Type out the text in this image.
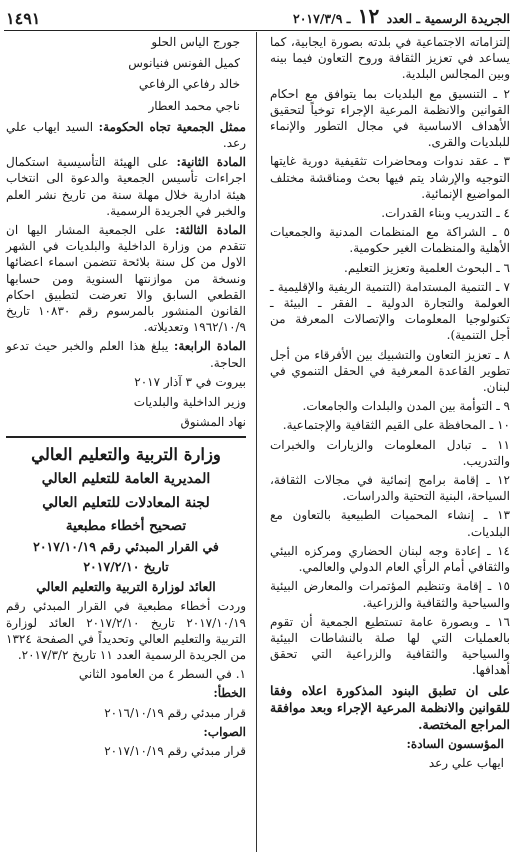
الجريدة الرسمية ـ العدد ١٢ ـ ٢٠١٧/٣/٩
١٤٩١

إلتزاماته الاجتماعية في بلدته بصورة ايجابية، كما يساعد في تعزيز الثقافة وروح التعاون فيما بينه وبين المجالس البلدية.

٢ ـ التنسيق مع البلديات بما يتوافق مع احكام القوانين والانظمة المرعية الإجراء توخياً لتحقيق الأهداف الاساسية في مجال التطور والإنماء للبلديات والقرى.

٣ ـ عقد ندوات ومحاضرات تثقيفية دورية غايتها التوجيه والإرشاد يتم فيها بحث ومناقشة مختلف المواضيع الإنمائية.

٤ ـ التدريب وبناء القدرات.

٥ ـ الشراكة مع المنظمات المدنية والجمعيات الأهلية والمنظمات الغير حكومية.

٦ ـ البحوث العلمية وتعزيز التعليم.

٧ ـ التنمية المستدامة (التنمية الريفية والإقليمية ـ العولمة والتجارة الدولية ـ الفقر ـ البيئة ـ تكنولوجيا المعلومات والإتصالات المعرفة من أجل التنمية).

٨ ـ تعزيز التعاون والتشبيك بين الأفرقاء من أجل تطوير القاعدة المعرفية في الحقل التنموي في لبنان.

٩ ـ التوأمة بين المدن والبلدات والجامعات.

١٠ ـ المحافظة على القيم الثقافية والإجتماعية.

١١ ـ تبادل المعلومات والزيارات والخبرات والتدريب.

١٢ ـ إقامة برامج إنمائية في مجالات الثقافة، السياحة، البنية التحتية والدراسات.

١٣ ـ إنشاء المحميات الطبيعية بالتعاون مع البلديات.

١٤ ـ إعادة وجه لبنان الحضاري ومركزه البيئي والثقافي أمام الرأي العام الدولي والعالمي.

١٥ ـ إقامة وتنظيم المؤتمرات والمعارض البيئية والسياحية والثقافية والزراعية.

١٦ ـ وبصورة عامة تستطيع الجمعية أن تقوم بالعمليات التي لها صلة بالنشاطات البيئية والسياحية والثقافية والزراعية التي تحقق أهدافها.

على ان تطبق البنود المذكورة اعلاه وفقا للقوانين والانظمة المرعية الإجراء وبعد موافقة المراجع المختصة.

المؤسسون السادة:

ايهاب علي رعد

جورج الياس الحلو

كميل الفونس فنيانوس

خالد رفاعي الرفاعي

ناجي محمد العطار

ممثل الجمعية تجاه الحكومة: السيد ايهاب علي رعد.

المادة الثانية: على الهيئة التأسيسية استكمال اجراءات تأسيس الجمعية والدعوة الى انتخاب هيئة ادارية خلال مهلة سنة من تاريخ نشر العلم والخبر في الجريدة الرسمية.

المادة الثالثة: على الجمعية المشار اليها ان تتقدم من وزارة الداخلية والبلديات في الشهر الاول من كل سنة بلائحة تتضمن اسماء اعضائها ونسخة من موازنتها السنوية ومن حسابها القطعي السابق والا تعرضت لتطبيق احكام القانون المنشور بالمرسوم رقم ١٠٨٣٠ تاريخ ١٩٦٢/١٠/٩ وتعديلاته.

المادة الرابعة: يبلغ هذا العلم والخبر حيث تدعو الحاجة.

بيروت في ٣ آذار ٢٠١٧

وزير الداخلية والبلديات

نهاد المشنوق

وزارة التربية والتعليم العالي

المديرية العامة للتعليم العالي

لجنة المعادلات للتعليم العالي

تصحيح أخطاء مطبعية

في القرار المبدئي رقم ٢٠١٧/١٠/١٩

تاريخ ٢٠١٧/٢/١٠

العائد لوزارة التربية والتعليم العالي

وردت أخطاء مطبعية في القرار المبدئي رقم ٢٠١٧/١٠/١٩ تاريخ ٢٠١٧/٢/١٠ العائد لوزارة التربية والتعليم العالي وتحديداً في الصفحة ١٣٢٤ من الجريدة الرسمية العدد ١١ تاريخ ٢٠١٧/٣/٢.

١. في السطر ٤ من العامود الثاني

الخطأ:

قرار مبدئي رقم ٢٠١٦/١٠/١٩

الصواب:

قرار مبدئي رقم ٢٠١٧/١٠/١٩
